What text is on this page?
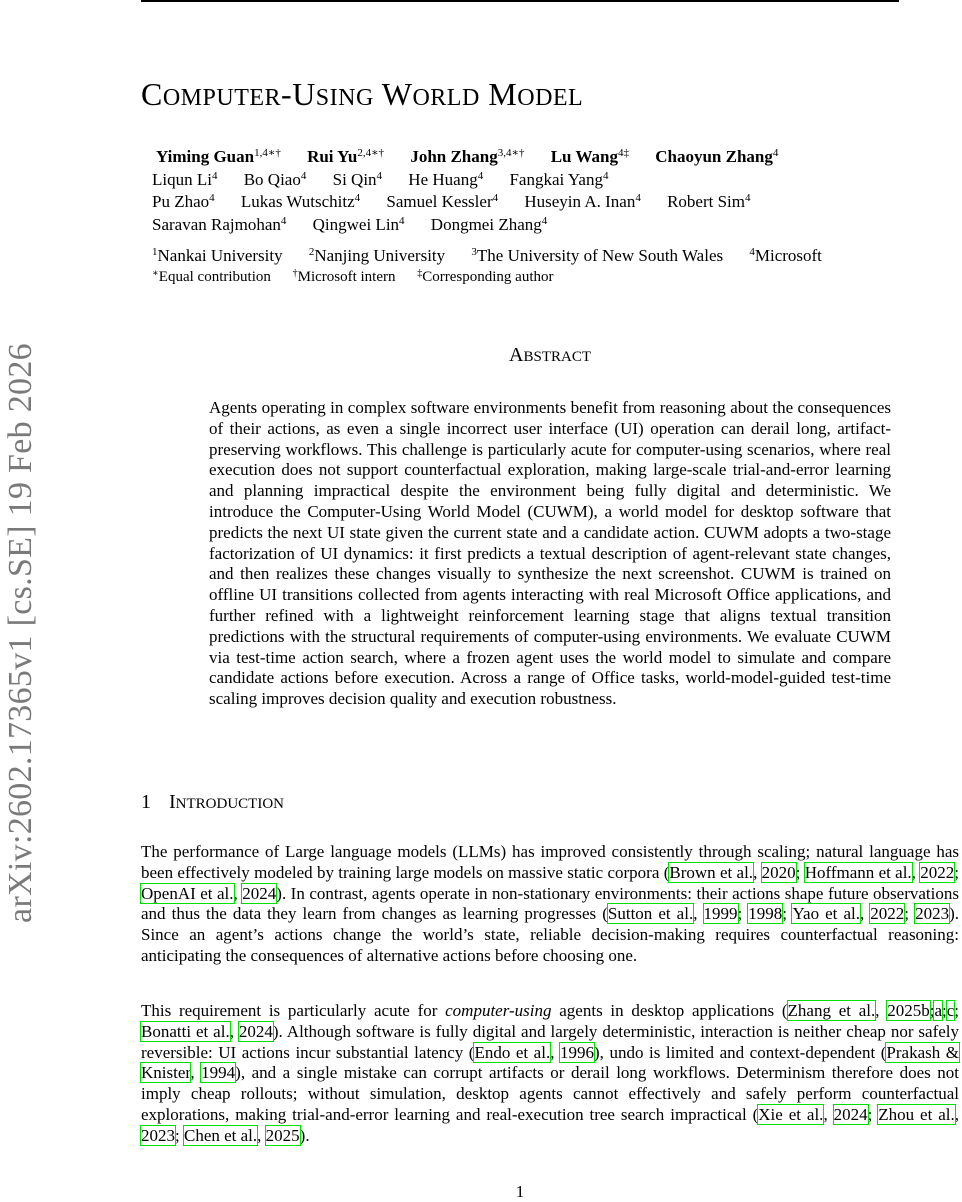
arXiv:2602.17365v1 [cs.SE] 19 Feb 2026
COMPUTER-USING WORLD MODEL
Yiming Guan$^{1,4∗\dagger}$ Rui $Yu^{2,4∗\dagger}$ John Zhang$^{3,4∗\dagger}$ Lu Wang$^{4\ddagger}$ Chaoyun Zhang$^4$
Liqun Li$^4$ Bo Qiao$^4$ Si Qin$^4$ He Huang$^4$ Fangkai Yang$^4$
Pu Zhao$^4$ Lukas Wutschitz$^4$ Samuel Kessler$^4$ Huseyin A. Inan$^4$ Robert Sim$^4$
Saravan Rajmohan$^4$ Qingwei Lin$^4$ Dongmei Zhang$^4$
$^1$Nankai University $^2$Nanjing University $^3$The University of New South Wales $^4$Microsoft
∗Equal contribution †Microsoft intern ‡Corresponding author
ABSTRACT

Agents operating in complex software environments benefit from reasoning about the consequences of their actions, as even a single incorrect user interface (UI) operation can derail long, artifact-preserving workflows. This challenge is particularly acute for computer-using scenarios, where real execution does not support counterfactual exploration, making large-scale trial-and-error learning and planning impractical despite the environment being fully digital and deterministic. We introduce the Computer-Using World Model (CUWM), a world model for desktop software that predicts the next UI state given the current state and a candidate action. CUWM adopts a two-stage factorization of UI dynamics: it first predicts a textual description of agent-relevant state changes, and then realizes these changes visually to synthesize the next screenshot. CUWM is trained on offline UI transitions collected from agents interacting with real Microsoft Office applications, and further refined with a lightweight reinforcement learning stage that aligns textual transition predictions with the structural requirements of computer-using environments. We evaluate CUWM via test-time action search, where a frozen agent uses the world model to simulate and compare candidate actions before execution. Across a range of Office tasks, world-model-guided test-time scaling improves decision quality and execution robustness.

1 INTRODUCTION

The performance of Large language models (LLMs) has improved consistently through scaling; natural language has been effectively modeled by training large models on massive static corpora (Brown et al., 2020; Hoffmann et al., 2022; OpenAI et al., 2024). In contrast, agents operate in non-stationary environments: their actions shape future observations and thus the data they learn from changes as learning progresses (Sutton et al., 1999; 1998; Yao et al., 2022; 2023). Since an agent’s actions change the world’s state, reliable decision-making requires counterfactual reasoning: anticipating the consequences of alternative actions before choosing one.

This requirement is particularly acute for computer-using agents in desktop applications (Zhang et al., 2025b;a;c; Bonatti et al., 2024). Although software is fully digital and largely deterministic, interaction is neither cheap nor safely reversible: UI actions incur substantial latency (Endo et al., 1996), undo is limited and context-dependent (Prakash & Knister, 1994), and a single mistake can corrupt artifacts or derail long workflows. Determinism therefore does not imply cheap rollouts; without simulation, desktop agents cannot effectively and safely perform counterfactual explorations, making trial-and-error learning and real-execution tree search impractical (Xie et al., 2024; Zhou et al., 2023; Chen et al., 2025).

1
